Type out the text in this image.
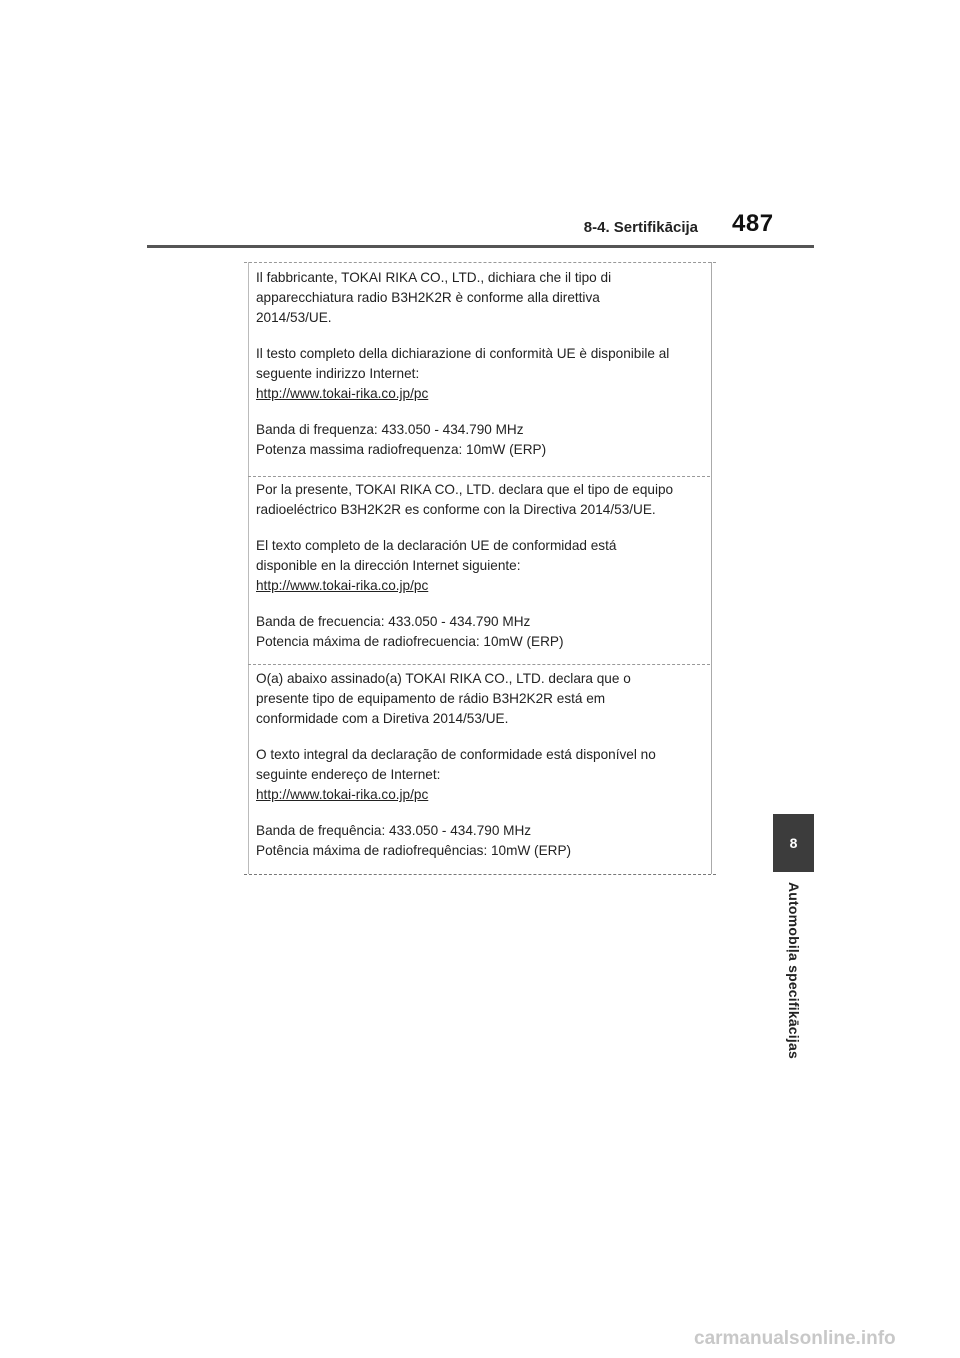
8-4. Sertifikācija 487

Il fabbricante, TOKAI RIKA CO., LTD., dichiara che il tipo di

apparecchiatura radio B3H2K2R è conforme alla direttiva

2014/53/UE.

Il testo completo della dichiarazione di conformità UE è disponibile al

seguente indirizzo Internet:

http://www.tokai-rika.co.jp/pc

Banda di frequenza: 433.050 - 434.790 MHz

Potenza massima radiofrequenza: 10mW (ERP)

Por la presente, TOKAI RIKA CO., LTD. declara que el tipo de equipo

radioeléctrico B3H2K2R es conforme con la Directiva 2014/53/UE.

El texto completo de la declaración UE de conformidad está

disponible en la dirección Internet siguiente:

http://www.tokai-rika.co.jp/pc

Banda de frecuencia: 433.050 - 434.790 MHz

Potencia máxima de radiofrecuencia: 10mW (ERP)

O(a) abaixo assinado(a) TOKAI RIKA CO., LTD. declara que o

presente tipo de equipamento de rádio B3H2K2R está em

conformidade com a Diretiva 2014/53/UE.

O texto integral da declaração de conformidade está disponível no

seguinte endereço de Internet:

http://www.tokai-rika.co.jp/pc

Banda de frequência: 433.050 - 434.790 MHz

Potência máxima de radiofrequências: 10mW (ERP)	8
Automobiļa specifikācijas
carmanualsonline.info
